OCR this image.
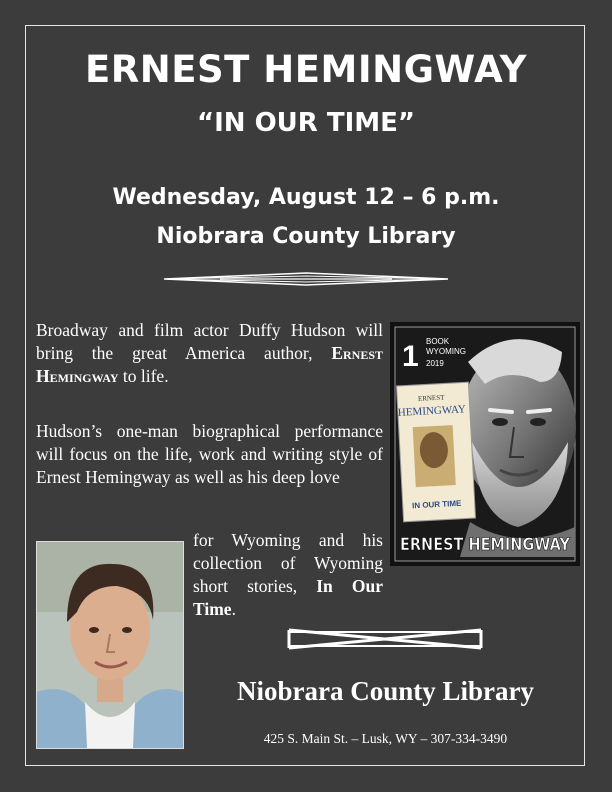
ERNEST HEMINGWAY
“IN OUR TIME”
Wednesday, August 12 – 6 p.m.
Niobrara County Library

Broadway and film actor Duffy Hudson will bring the great America author, Ernest Hemingway to life.

Hudson’s one-man biographical performance will focus on the life, work and writing style of Ernest Hemingway as well as his deep love

for Wyoming and his collection of Wyoming short stories, In Our Time.

ERNEST
HEMINGWAY
IN OUR TIME
1 BOOK
WYOMING
2019
ERNEST HEMINGWAY
Niobrara County Library
425 S. Main St. – Lusk, WY – 307-334-3490
